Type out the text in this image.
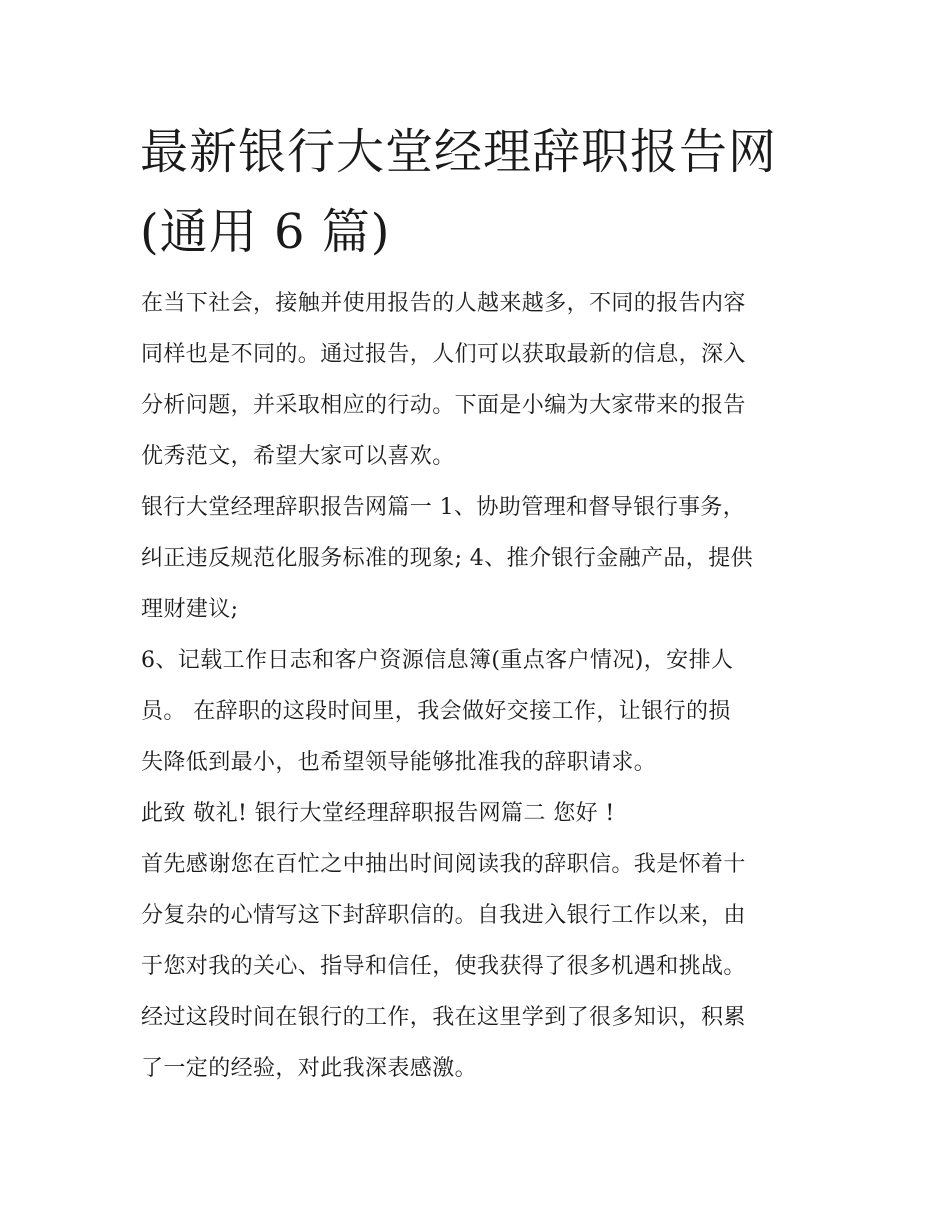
最新银行大堂经理辞职报告网
(通用 6 篇)

在当下社会，接触并使用报告的人越来越多，不同的报告内容
同样也是不同的。通过报告，人们可以获取最新的信息，深入
分析问题，并采取相应的行动。下面是小编为大家带来的报告
优秀范文，希望大家可以喜欢。

银行大堂经理辞职报告网篇一 1、协助管理和督导银行事务，
纠正违反规范化服务标准的现象; 4、推介银行金融产品，提供
理财建议;

6、记载工作日志和客户资源信息簿(重点客户情况)，安排人
员。 在辞职的这段时间里，我会做好交接工作，让银行的损
失降低到最小，也希望领导能够批准我的辞职请求。

此致 敬礼! 银行大堂经理辞职报告网篇二 您好 !

首先感谢您在百忙之中抽出时间阅读我的辞职信。我是怀着十
分复杂的心情写这下封辞职信的。自我进入银行工作以来，由
于您对我的关心、指导和信任，使我获得了很多机遇和挑战。
经过这段时间在银行的工作，我在这里学到了很多知识，积累
了一定的经验，对此我深表感激。
